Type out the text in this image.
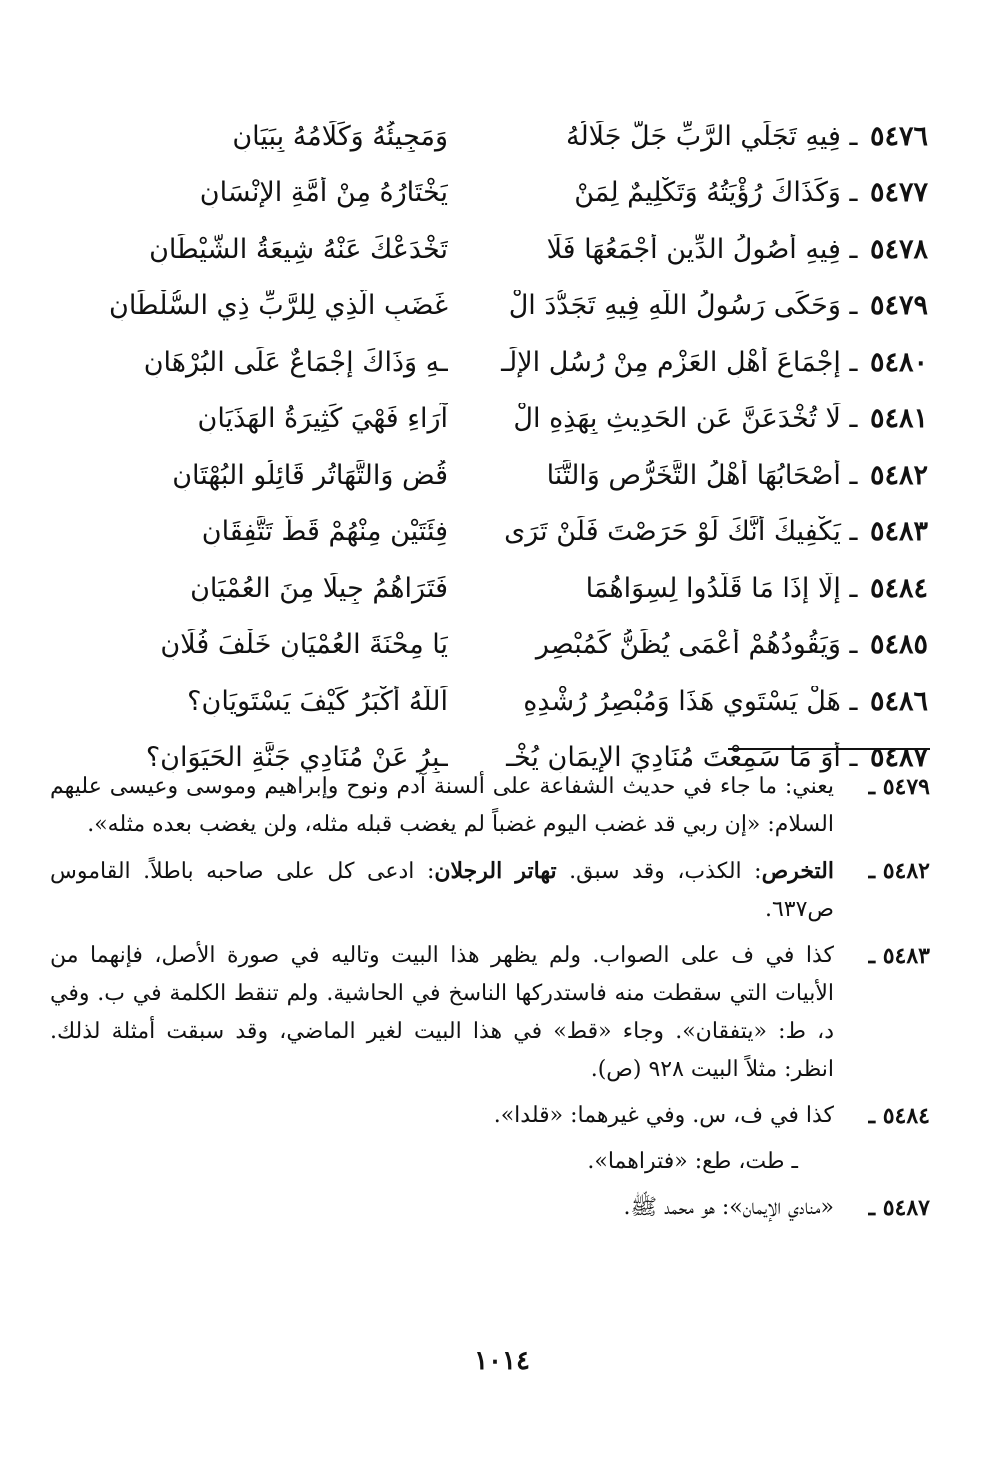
٥٤٧٦ ـ فِيهِ تَجَلِّي الرَّبِّ جَلَّ جَلَالُهُ
وَمَجِيئُهُ وَكَلَامُهُ بِبَيَانِ
٥٤٧٧ ـ وَكَذَاكَ رُؤْيَتُهُ وَتَكْلِيمٌ لِمَنْ
يَخْتَارُهُ مِنْ أُمَّةِ الإِنْسَانِ
٥٤٧٨ ـ فِيهِ أُصُولُ الدِّينِ أَجْمَعُهَا فَلَا
تَخْدَعْكَ عَنْهُ شِيعَةُ الشَّيْطَانِ
٥٤٧٩ ـ وَحَكَى رَسُولُ اللَّهِ فِيهِ تَجَدُّدَ الْ
غَضَبِ الَّذِي لِلرَّبِّ ذِي السُّلْطَانِ
٥٤٨٠ ـ إِجْمَاعَ أَهْلِ العَزْمِ مِنْ رُسُلِ الإِلَـ
ـهِ وَذَاكَ إِجْمَاعٌ عَلَى البُرْهَانِ
٥٤٨١ ـ لَا تُخْدَعَنَّ عَنِ الحَدِيثِ بِهَذِهِ الْ
آرَاءِ فَهْيَ كَثِيرَةُ الهَذَيَانِ
٥٤٨٢ ـ أَصْحَابُهَا أَهْلُ التَّخَرُّصِ وَالتَّنَا
قُضِ وَالتَّهَاتُرِ قَائِلُو البُهْتَانِ
٥٤٨٣ ـ يَكْفِيكَ أَنَّكَ لَوْ حَرَصْتَ فَلَنْ تَرَى
فِئَتَيْنِ مِنْهُمْ قَطُّ تَتَّفِقَانِ
٥٤٨٤ ـ إِلَّا إِذَا مَا قَلَّدُوا لِسِوَاهُمَا
فَتَرَاهُمُ جِيلًا مِنَ العُمْيَانِ
٥٤٨٥ ـ وَيَقُودُهُمْ أَعْمَى يُظَنُّ كَمُبْصِرٍ
يَا مِحْنَةَ العُمْيَانِ خَلْفَ فُلَانِ
٥٤٨٦ ـ هَلْ يَسْتَوِي هَذَا وَمُبْصِرُ رُشْدِهِ
اَللَّهُ أَكْبَرُ كَيْفَ يَسْتَوِيَانِ؟
٥٤٨٧ ـ أَوَ مَا سَمِعْتَ مُنَادِيَ الإِيمَانِ يُخْـ
ـبِرُ عَنْ مُنَادِي جَنَّةِ الحَيَوَانِ؟
٥٤٧٩ ـ
يعني: ما جاء في حديث الشفاعة على ألسنة آدم ونوح وإبراهيم وموسى وعيسى عليهم السلام: «إن ربي قد غضب اليوم غضباً لم يغضب قبله مثله، ولن يغضب بعده مثله».
٥٤٨٢ ـ
التخرص: الكذب، وقد سبق. تهاتر الرجلان: ادعى كل على صاحبه باطلاً. القاموس ص٦٣٧.
٥٤٨٣ ـ
كذا في ف على الصواب. ولم يظهر هذا البيت وتاليه في صورة الأصل، فإنهما من الأبيات التي سقطت منه فاستدركها الناسخ في الحاشية. ولم تنقط الكلمة في ب. وفي د، ط: «يتفقان». وجاء «قط» في هذا البيت لغير الماضي، وقد سبقت أمثلة لذلك. انظر: مثلاً البيت ٩٢٨ (ص).
٥٤٨٤ ـ
كذا في ف، س. وفي غيرهما: «قلدا».
ـ طت، طع: «فتراهما».
٥٤٨٧ ـ
«منادي الإيمان»: هو محمد ﷺ.
١٠١٤
